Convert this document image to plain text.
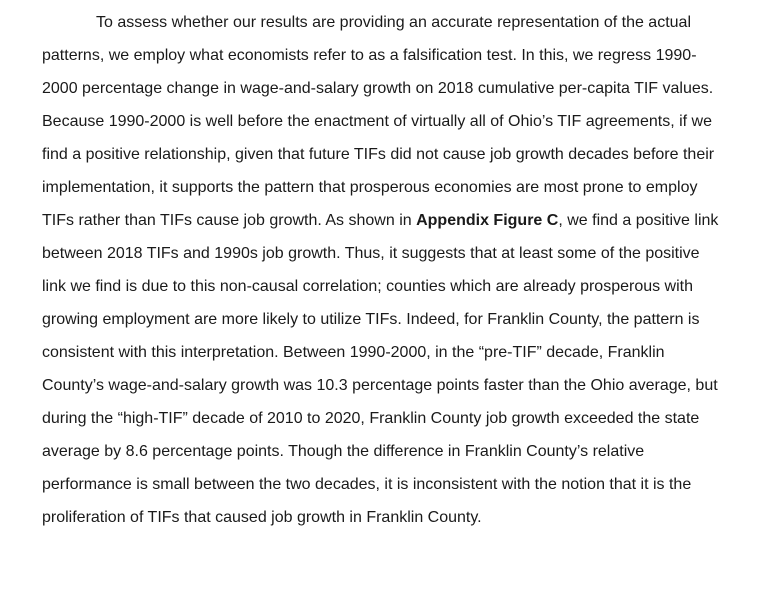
To assess whether our results are providing an accurate representation of the actual
patterns, we employ what economists refer to as a falsification test. In this, we regress 1990-
2000 percentage change in wage-and-salary growth on 2018 cumulative per-capita TIF values.
Because 1990-2000 is well before the enactment of virtually all of Ohio’s TIF agreements, if we
find a positive relationship, given that future TIFs did not cause job growth decades before their
implementation, it supports the pattern that prosperous economies are most prone to employ
TIFs rather than TIFs cause job growth. As shown in Appendix Figure C, we find a positive link
between 2018 TIFs and 1990s job growth. Thus, it suggests that at least some of the positive
link we find is due to this non-causal correlation; counties which are already prosperous with
growing employment are more likely to utilize TIFs. Indeed, for Franklin County, the pattern is
consistent with this interpretation. Between 1990-2000, in the “pre-TIF” decade, Franklin
County’s wage-and-salary growth was 10.3 percentage points faster than the Ohio average, but
during the “high-TIF” decade of 2010 to 2020, Franklin County job growth exceeded the state
average by 8.6 percentage points. Though the difference in Franklin County’s relative
performance is small between the two decades, it is inconsistent with the notion that it is the
proliferation of TIFs that caused job growth in Franklin County.
